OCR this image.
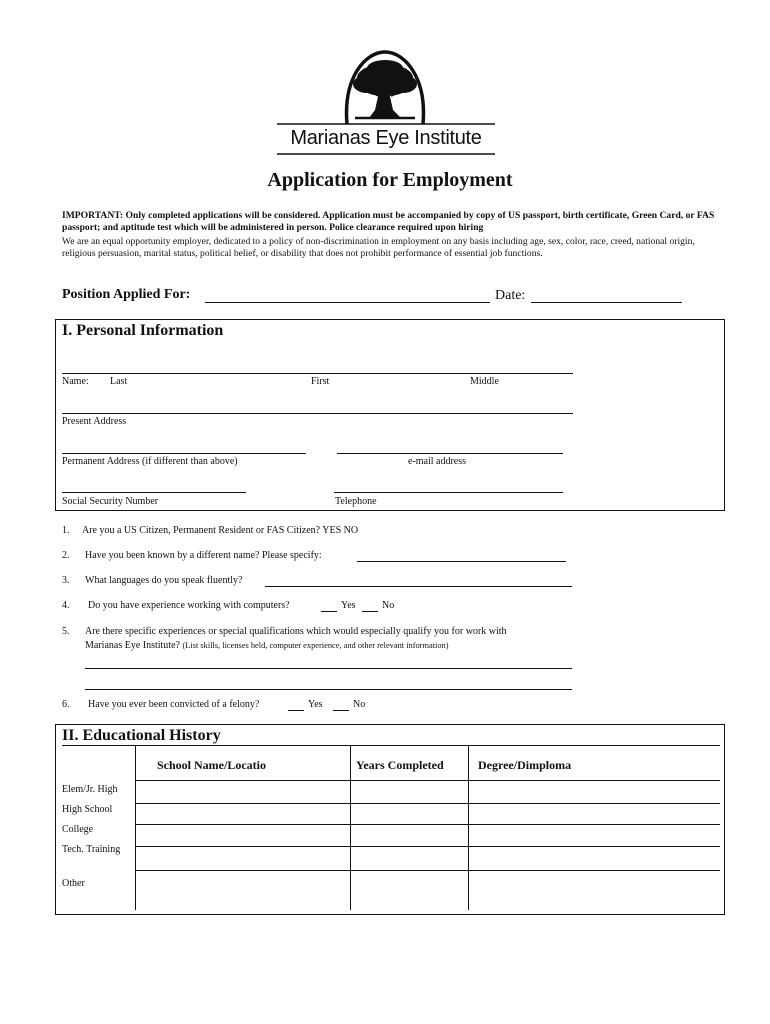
Marianas Eye Institute
Application for Employment
IMPORTANT: Only completed applications will be considered. Application must be accompanied by copy of US passport, birth certificate, Green Card, or FAS passport; and aptitude test which will be administered in person. Police clearance required upon hiring
We are an equal opportunity employer, dedicated to a policy of non-discrimination in employment on any basis including age, sex, color, race, creed, national origin, religious persuasion, marital status, political belief, or disability that does not prohibit performance of essential job functions.
Position Applied For:	Date:
I. Personal Information
Name: Last	First	Middle
Present Address
Permanent Address (if different than above)	e-mail address
Social Security Number	Telephone
1. Are you a US Citizen, Permanent Resident or FAS Citizen? YES NO
2. Have you been known by a different name? Please specify:
3. What languages do you speak fluently?
4. Do you have experience working with computers?	Yes	No
5. Are there specific experiences or special qualifications which would especially qualify you for work with
Marianas Eye Institute? (List skills, licenses held, computer experience, and other relevant information)
6. Have you ever been convicted of a felony?	Yes	No
II. Educational History
School Name/Locatio	Years Completed	Degree/Dimploma
Elem/Jr. High
High School
College
Tech. Training
Other
